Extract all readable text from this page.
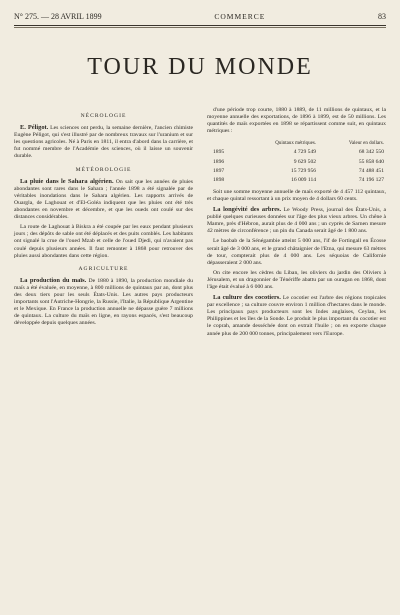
N° 275. — 28 AVRIL 1899	COMMERCE	83
TOUR DU MONDE
NÉCROLOGIE

E. Péligot. Les sciences ont perdu, la semaine dernière, l'ancien chimiste Eugène Péligot, qui s'est illustré par de nombreux travaux sur l'uranium et sur les questions agricoles. Né à Paris en 1811, il entra d'abord dans la carrière, et fut nommé membre de l'Académie des sciences, où il laisse un souvenir durable.

MÉTÉOROLOGIE

La pluie dans le Sahara algérien. On sait que les années de pluies abondantes sont rares dans le Sahara ; l'année 1898 a été signalée par de véritables inondations dans le Sahara algérien. Les rapports arrivés de Ouargla, de Laghouat et d'El-Goléa indiquent que les pluies ont été très abondantes en novembre et décembre, et que les oueds ont coulé sur des distances considérables.

La route de Laghouat à Biskra a été coupée par les eaux pendant plusieurs jours ; des dépôts de sable ont été déplacés et des puits comblés. Les habitants ont signalé la crue de l'oued Mzab et celle de l'oued Djedi, qui n'avaient pas coulé depuis plusieurs années. Il faut remonter à 1868 pour retrouver des pluies aussi abondantes dans cette région.

AGRICULTURE

La production du maïs. De 1880 à 1890, la production mondiale du maïs a été évaluée, en moyenne, à 800 millions de quintaux par an, dont plus des deux tiers pour les seuls États-Unis. Les autres pays producteurs importants sont l'Autriche-Hongrie, la Russie, l'Italie, la République Argentine et le Mexique. En France la production annuelle ne dépasse guère 7 millions de quintaux. La culture du maïs en ligne, en rayons espacés, s'est beaucoup développée depuis quelques années.

d'une période trop courte, 1880 à 1889, de 11 millions de quintaux, et la moyenne annuelle des exportations, de 1896 à 1899, est de 50 millions. Les quantités de maïs exportées en 1898 se répartissent comme suit, en quintaux métriques :

	Quintaux métriques.	Valeur en dollars.
1895	4 729 549	68 342 550
1896	9 629 502	55 858 640
1897	15 729 956	74 488 451
1898	16 009 114	74 196 127

Soit une somme moyenne annuelle de maïs exporté de 4 457 112 quintaux, et chaque quintal ressortant à un prix moyen de 4 dollars 60 cents.

La longévité des arbres. Le Woody Press, journal des États-Unis, a publié quelques curieuses données sur l'âge des plus vieux arbres. Un chêne à Mamre, près d'Hébron, aurait plus de 4 000 ans ; un cyprès de Sarnen mesure 42 mètres de circonférence ; un pin du Canada serait âgé de 1 800 ans.

Le baobab de la Sénégambie atteint 5 000 ans, l'if de Fortingall en Écosse serait âgé de 3 000 ans, et le grand châtaignier de l'Etna, qui mesure 63 mètres de tour, compterait plus de 4 000 ans. Les séquoias de Californie dépasseraient 2 000 ans.

On cite encore les cèdres du Liban, les oliviers du jardin des Oliviers à Jérusalem, et un dragonnier de Ténériffe abattu par un ouragan en 1868, dont l'âge était évalué à 6 000 ans.

La culture des cocotiers. Le cocotier est l'arbre des régions tropicales par excellence ; sa culture couvre environ 1 million d'hectares dans le monde. Les principaux pays producteurs sont les Indes anglaises, Ceylan, les Philippines et les îles de la Sonde. Le produit le plus important du cocotier est le coprah, amande desséchée dont on extrait l'huile ; on en exporte chaque année plus de 200 000 tonnes, principalement vers l'Europe.
